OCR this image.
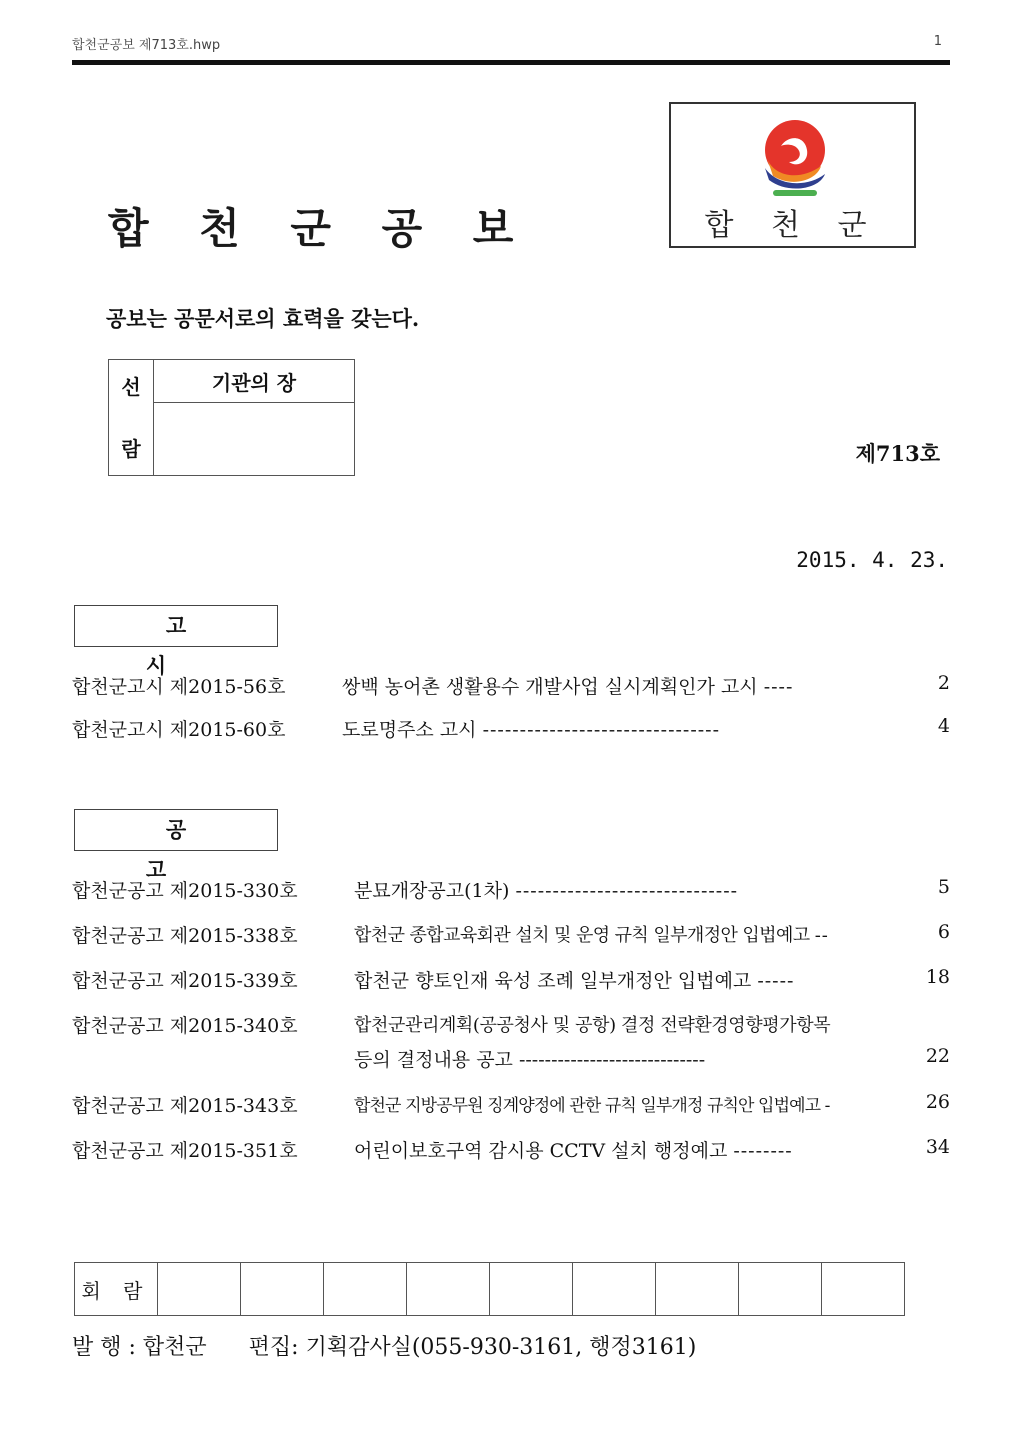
합천군공보 제713호.hwp	1
합 천 군 공 보	합 천 군
공보는 공문서로의 효력을 갖는다.
선
람
	기관의 장

제713호
2015. 4. 23.
고 시
합천군고시 제2015-56호	쌍백 농어촌 생활용수 개발사업 실시계획인가 고시 ----	2
합천군고시 제2015-60호	도로명주소 고시 --------------------------------	4
공 고
합천군공고 제2015-330호	분묘개장공고(1차) ------------------------------	5
합천군공고 제2015-338호	합천군 종합교육회관 설치 및 운영 규칙 일부개정안 입법예고 --	6
합천군공고 제2015-339호	합천군 향토인재 육성 조례 일부개정안 입법예고 -----	18
합천군공고 제2015-340호	합천군관리계획(공공청사 및 공항) 결정 전략환경영향평가항목
등의 결정내용 공고 -----------------------------	22
합천군공고 제2015-343호	합천군 지방공무원 징계양정에 관한 규칙 일부개정 규칙안 입법예고 -	26
합천군공고 제2015-351호	어린이보호구역 감시용 CCTV 설치 행정예고 --------	34
회 람									
발 행 : 합천군 편집: 기획감사실(055-930-3161, 행정3161)
